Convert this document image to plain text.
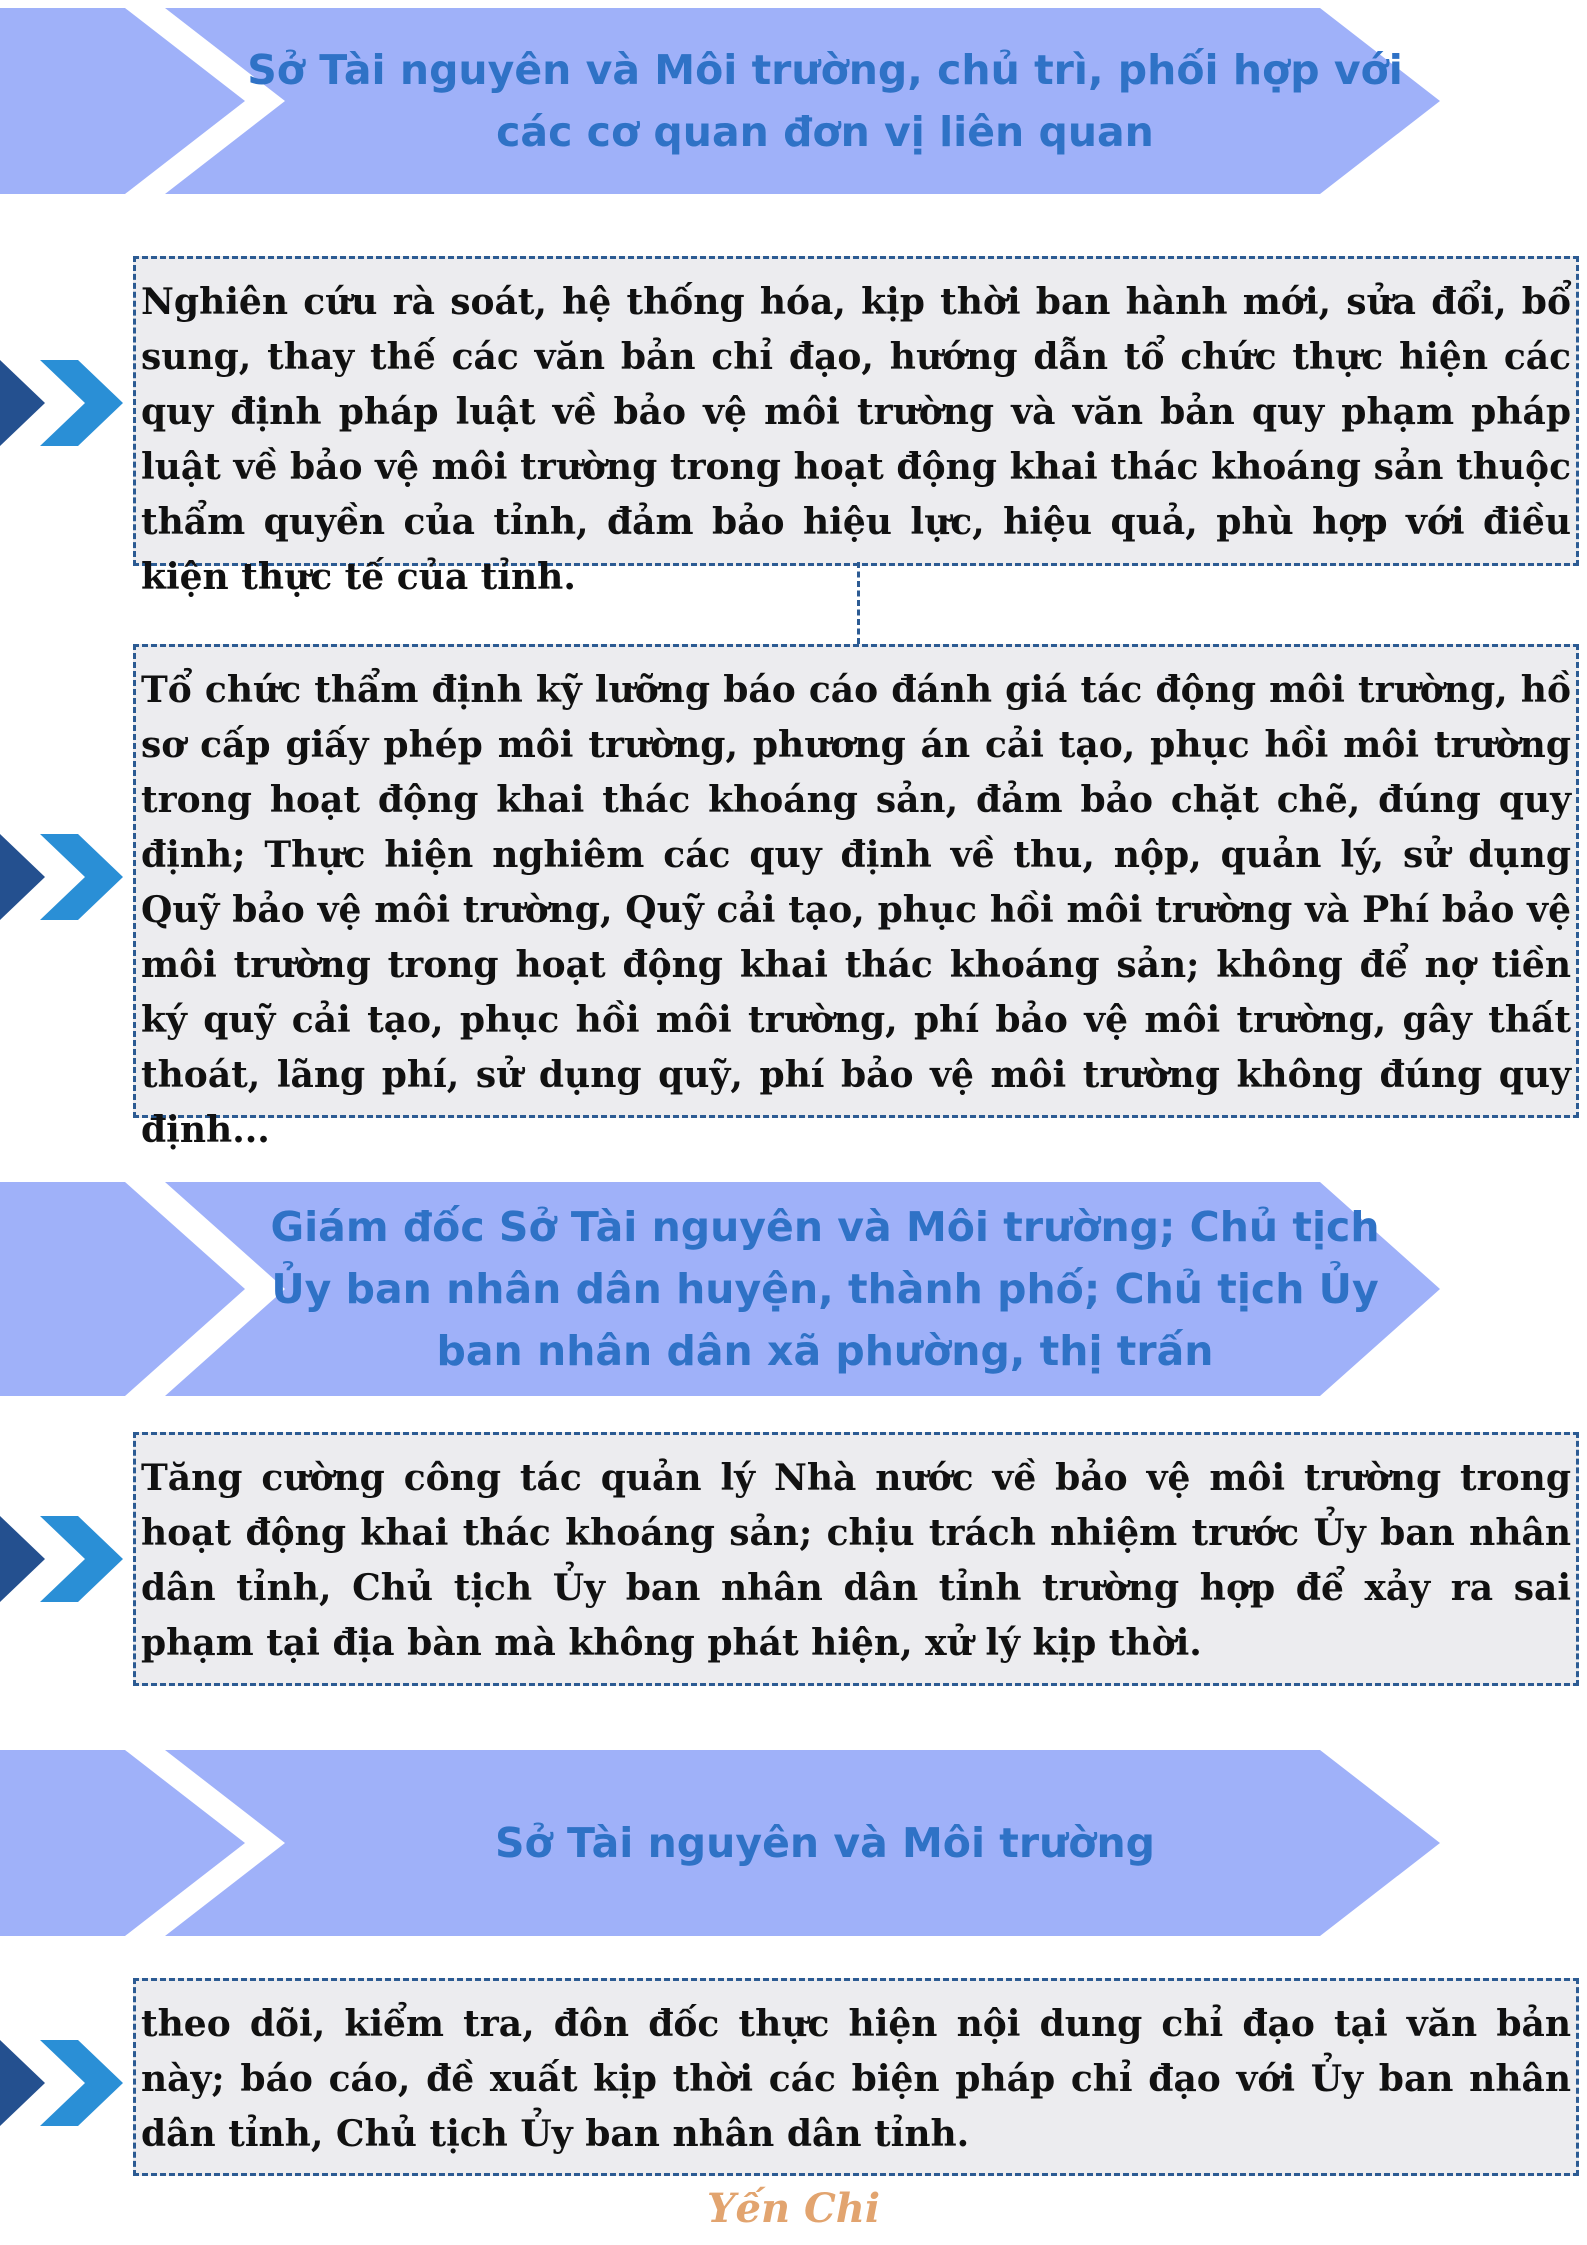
Sở Tài nguyên và Môi trường, chủ trì, phối hợp với
các cơ quan đơn vị liên quan
Nghiên cứu rà soát, hệ thống hóa, kịp thời ban hành mới, sửa đổi, bổ sung, thay thế các văn bản chỉ đạo, hướng dẫn tổ chức thực hiện các quy định pháp luật về bảo vệ môi trường và văn bản quy phạm pháp luật về bảo vệ môi trường trong hoạt động khai thác khoáng sản thuộc thẩm quyền của tỉnh, đảm bảo hiệu lực, hiệu quả, phù hợp với điều kiện thực tế của tỉnh.
Tổ chức thẩm định kỹ lưỡng báo cáo đánh giá tác động môi trường, hồ sơ cấp giấy phép môi trường, phương án cải tạo, phục hồi môi trường trong hoạt động khai thác khoáng sản, đảm bảo chặt chẽ, đúng quy định; Thực hiện nghiêm các quy định về thu, nộp, quản lý, sử dụng Quỹ bảo vệ môi trường, Quỹ cải tạo, phục hồi môi trường và Phí bảo vệ môi trường trong hoạt động khai thác khoáng sản; không để nợ tiền ký quỹ cải tạo, phục hồi môi trường, phí bảo vệ môi trường, gây thất thoát, lãng phí, sử dụng quỹ, phí bảo vệ môi trường không đúng quy định...
Giám đốc Sở Tài nguyên và Môi trường; Chủ tịch
Ủy ban nhân dân huyện, thành phố; Chủ tịch Ủy
ban nhân dân xã phường, thị trấn
Tăng cường công tác quản lý Nhà nước về bảo vệ môi trường trong hoạt động khai thác khoáng sản; chịu trách nhiệm trước Ủy ban nhân dân tỉnh, Chủ tịch Ủy ban nhân dân tỉnh trường hợp để xảy ra sai phạm tại địa bàn mà không phát hiện, xử lý kịp thời.
Sở Tài nguyên và Môi trường
theo dõi, kiểm tra, đôn đốc thực hiện nội dung chỉ đạo tại văn bản này; báo cáo, đề xuất kịp thời các biện pháp chỉ đạo với Ủy ban nhân dân tỉnh, Chủ tịch Ủy ban nhân dân tỉnh.
Yến Chi
